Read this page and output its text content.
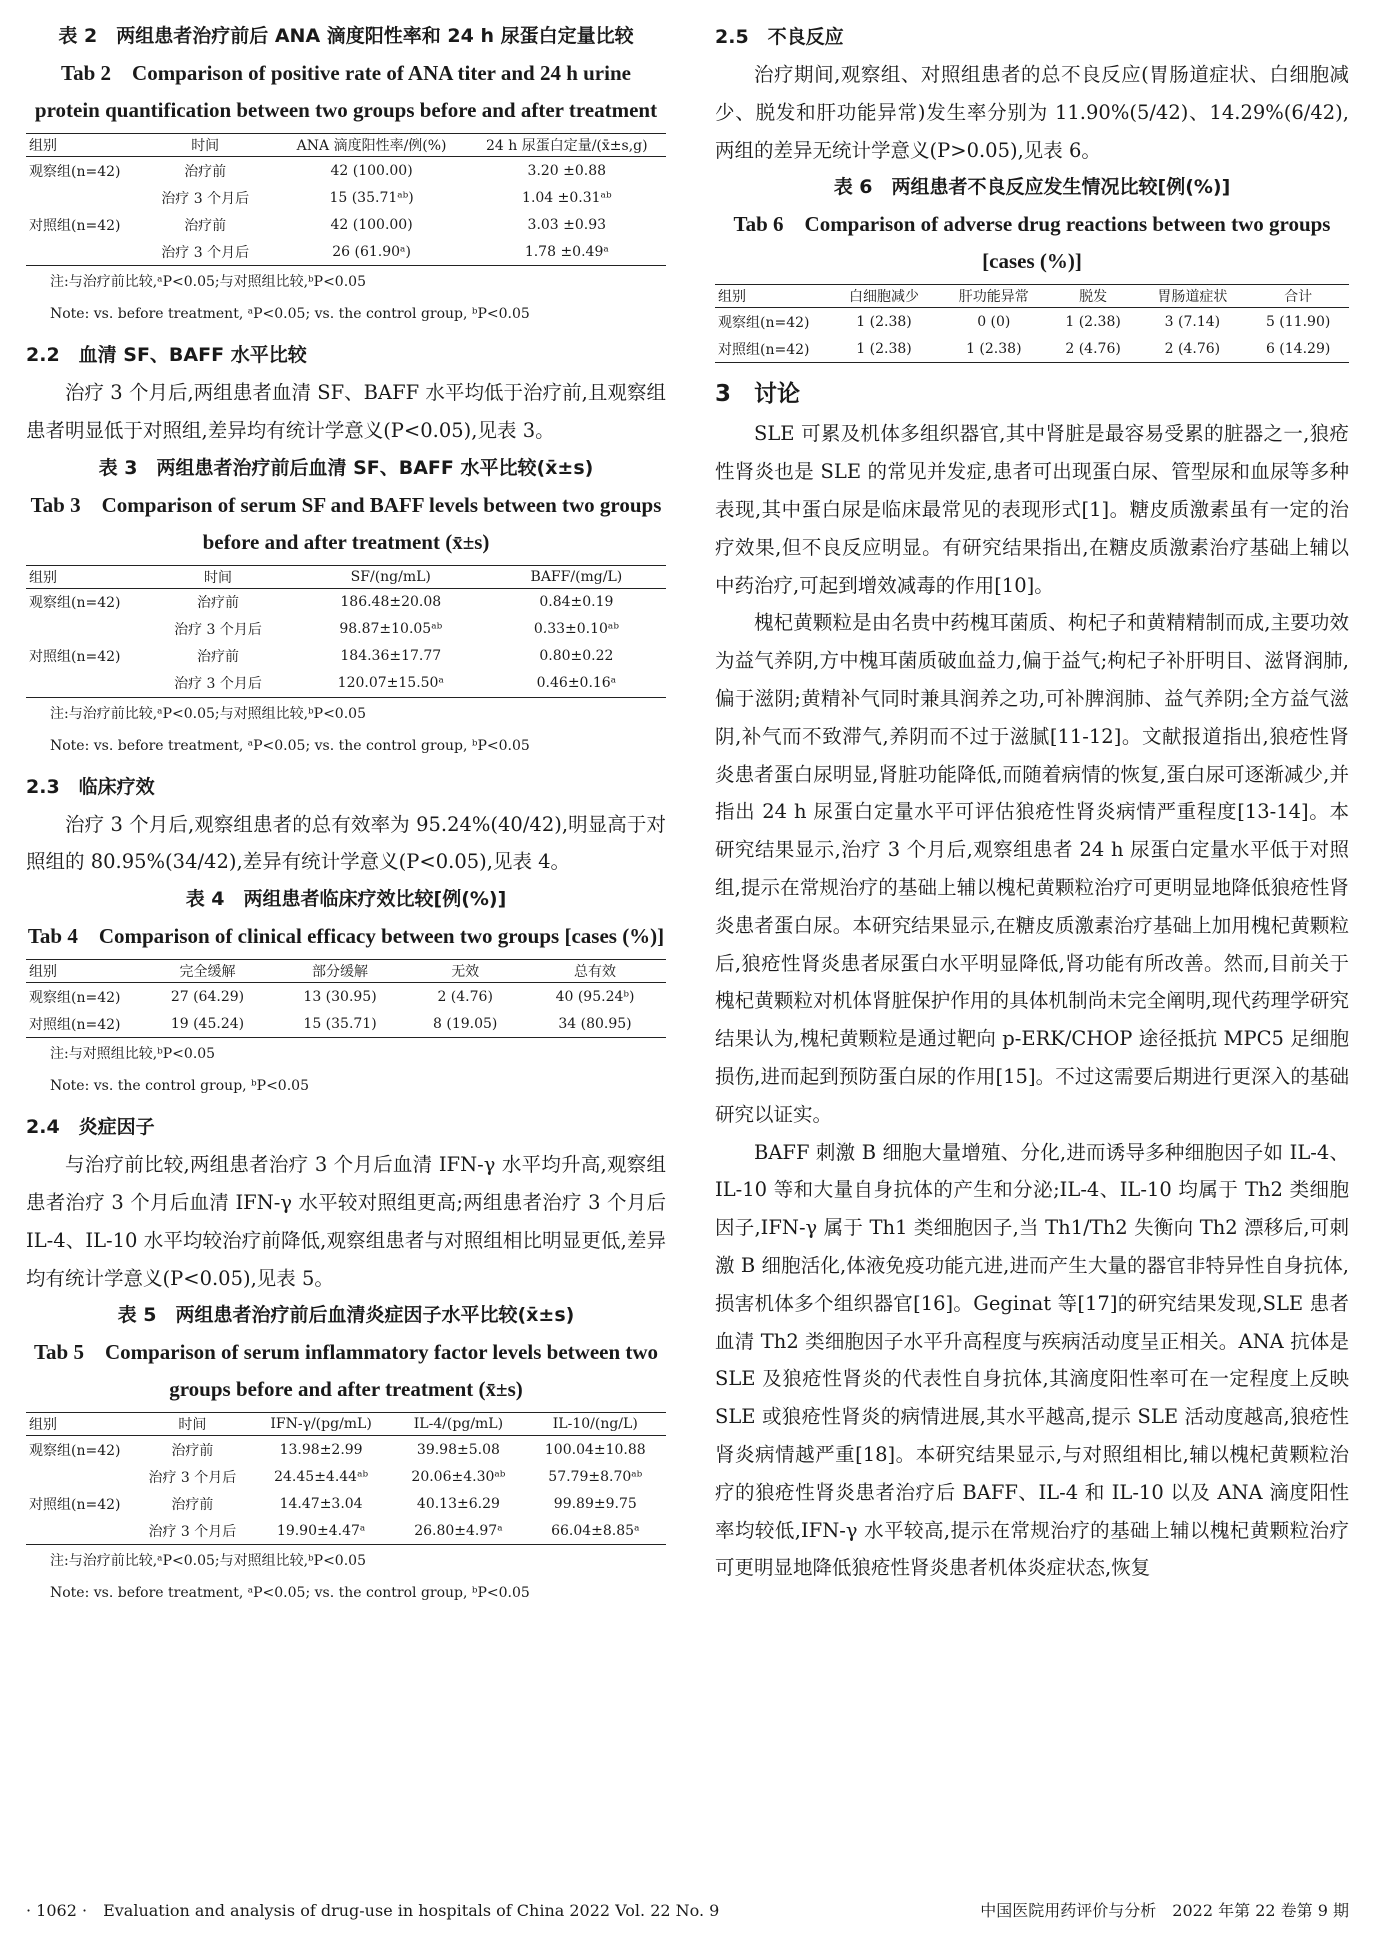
表 2　两组患者治疗前后 ANA 滴度阳性率和 24 h 尿蛋白定量比较
Tab 2　Comparison of positive rate of ANA titer and 24 h urine protein quantification between two groups before and after treatment
组别	时间	ANA 滴度阳性率/例(%)	24 h 尿蛋白定量/(x̄±s,g)
观察组(n=42)	治疗前	42 (100.00)	3.20 ±0.88
	治疗 3 个月后	15 (35.71ᵃᵇ)	1.04 ±0.31ᵃᵇ
对照组(n=42)	治疗前	42 (100.00)	3.03 ±0.93
	治疗 3 个月后	26 (61.90ᵃ)	1.78 ±0.49ᵃ
注:与治疗前比较,ᵃP<0.05;与对照组比较,ᵇP<0.05
Note: vs. before treatment, ᵃP<0.05; vs. the control group, ᵇP<0.05
2.2　血清 SF、BAFF 水平比较

治疗 3 个月后,两组患者血清 SF、BAFF 水平均低于治疗前,且观察组患者明显低于对照组,差异均有统计学意义(P<0.05),见表 3。

表 3　两组患者治疗前后血清 SF、BAFF 水平比较(x̄±s)
Tab 3　Comparison of serum SF and BAFF levels between two groups before and after treatment (x̄±s)
组别	时间	SF/(ng/mL)	BAFF/(mg/L)
观察组(n=42)	治疗前	186.48±20.08	0.84±0.19
	治疗 3 个月后	98.87±10.05ᵃᵇ	0.33±0.10ᵃᵇ
对照组(n=42)	治疗前	184.36±17.77	0.80±0.22
	治疗 3 个月后	120.07±15.50ᵃ	0.46±0.16ᵃ
注:与治疗前比较,ᵃP<0.05;与对照组比较,ᵇP<0.05
Note: vs. before treatment, ᵃP<0.05; vs. the control group, ᵇP<0.05
2.3　临床疗效

治疗 3 个月后,观察组患者的总有效率为 95.24%(40/42),明显高于对照组的 80.95%(34/42),差异有统计学意义(P<0.05),见表 4。

表 4　两组患者临床疗效比较[例(%)]
Tab 4　Comparison of clinical efficacy between two groups [cases (%)]
组别	完全缓解	部分缓解	无效	总有效
观察组(n=42)	27 (64.29)	13 (30.95)	2 (4.76)	40 (95.24ᵇ)
对照组(n=42)	19 (45.24)	15 (35.71)	8 (19.05)	34 (80.95)
注:与对照组比较,ᵇP<0.05
Note: vs. the control group, ᵇP<0.05
2.4　炎症因子

与治疗前比较,两组患者治疗 3 个月后血清 IFN-γ 水平均升高,观察组患者治疗 3 个月后血清 IFN-γ 水平较对照组更高;两组患者治疗 3 个月后 IL-4、IL-10 水平均较治疗前降低,观察组患者与对照组相比明显更低,差异均有统计学意义(P<0.05),见表 5。

表 5　两组患者治疗前后血清炎症因子水平比较(x̄±s)
Tab 5　Comparison of serum inflammatory factor levels between two groups before and after treatment (x̄±s)
组别	时间	IFN-γ/(pg/mL)	IL-4/(pg/mL)	IL-10/(ng/L)
观察组(n=42)	治疗前	13.98±2.99	39.98±5.08	100.04±10.88
	治疗 3 个月后	24.45±4.44ᵃᵇ	20.06±4.30ᵃᵇ	57.79±8.70ᵃᵇ
对照组(n=42)	治疗前	14.47±3.04	40.13±6.29	99.89±9.75
	治疗 3 个月后	19.90±4.47ᵃ	26.80±4.97ᵃ	66.04±8.85ᵃ
注:与治疗前比较,ᵃP<0.05;与对照组比较,ᵇP<0.05
Note: vs. before treatment, ᵃP<0.05; vs. the control group, ᵇP<0.05
2.5　不良反应

治疗期间,观察组、对照组患者的总不良反应(胃肠道症状、白细胞减少、脱发和肝功能异常)发生率分别为 11.90%(5/42)、14.29%(6/42),两组的差异无统计学意义(P>0.05),见表 6。

表 6　两组患者不良反应发生情况比较[例(%)]
Tab 6　Comparison of adverse drug reactions between two groups [cases (%)]
组别	白细胞减少	肝功能异常	脱发	胃肠道症状	合计
观察组(n=42)	1 (2.38)	0 (0)	1 (2.38)	3 (7.14)	5 (11.90)
对照组(n=42)	1 (2.38)	1 (2.38)	2 (4.76)	2 (4.76)	6 (14.29)
3　讨论

SLE 可累及机体多组织器官,其中肾脏是最容易受累的脏器之一,狼疮性肾炎也是 SLE 的常见并发症,患者可出现蛋白尿、管型尿和血尿等多种表现,其中蛋白尿是临床最常见的表现形式[1]。糖皮质激素虽有一定的治疗效果,但不良反应明显。有研究结果指出,在糖皮质激素治疗基础上辅以中药治疗,可起到增效减毒的作用[10]。

槐杞黄颗粒是由名贵中药槐耳菌质、枸杞子和黄精精制而成,主要功效为益气养阴,方中槐耳菌质破血益力,偏于益气;枸杞子补肝明目、滋肾润肺,偏于滋阴;黄精补气同时兼具润养之功,可补脾润肺、益气养阴;全方益气滋阴,补气而不致滞气,养阴而不过于滋腻[11-12]。文献报道指出,狼疮性肾炎患者蛋白尿明显,肾脏功能降低,而随着病情的恢复,蛋白尿可逐渐减少,并指出 24 h 尿蛋白定量水平可评估狼疮性肾炎病情严重程度[13-14]。本研究结果显示,治疗 3 个月后,观察组患者 24 h 尿蛋白定量水平低于对照组,提示在常规治疗的基础上辅以槐杞黄颗粒治疗可更明显地降低狼疮性肾炎患者蛋白尿。本研究结果显示,在糖皮质激素治疗基础上加用槐杞黄颗粒后,狼疮性肾炎患者尿蛋白水平明显降低,肾功能有所改善。然而,目前关于槐杞黄颗粒对机体肾脏保护作用的具体机制尚未完全阐明,现代药理学研究结果认为,槐杞黄颗粒是通过靶向 p-ERK/CHOP 途径抵抗 MPC5 足细胞损伤,进而起到预防蛋白尿的作用[15]。不过这需要后期进行更深入的基础研究以证实。

BAFF 刺激 B 细胞大量增殖、分化,进而诱导多种细胞因子如 IL-4、IL-10 等和大量自身抗体的产生和分泌;IL-4、IL-10 均属于 Th2 类细胞因子,IFN-γ 属于 Th1 类细胞因子,当 Th1/Th2 失衡向 Th2 漂移后,可刺激 B 细胞活化,体液免疫功能亢进,进而产生大量的器官非特异性自身抗体,损害机体多个组织器官[16]。Geginat 等[17]的研究结果发现,SLE 患者血清 Th2 类细胞因子水平升高程度与疾病活动度呈正相关。ANA 抗体是 SLE 及狼疮性肾炎的代表性自身抗体,其滴度阳性率可在一定程度上反映 SLE 或狼疮性肾炎的病情进展,其水平越高,提示 SLE 活动度越高,狼疮性肾炎病情越严重[18]。本研究结果显示,与对照组相比,辅以槐杞黄颗粒治疗的狼疮性肾炎患者治疗后 BAFF、IL-4 和 IL-10 以及 ANA 滴度阳性率均较低,IFN-γ 水平较高,提示在常规治疗的基础上辅以槐杞黄颗粒治疗可更明显地降低狼疮性肾炎患者机体炎症状态,恢复

· 1062 ·　Evaluation and analysis of drug-use in hospitals of China 2022 Vol. 22 No. 9	中国医院用药评价与分析　2022 年第 22 卷第 9 期
